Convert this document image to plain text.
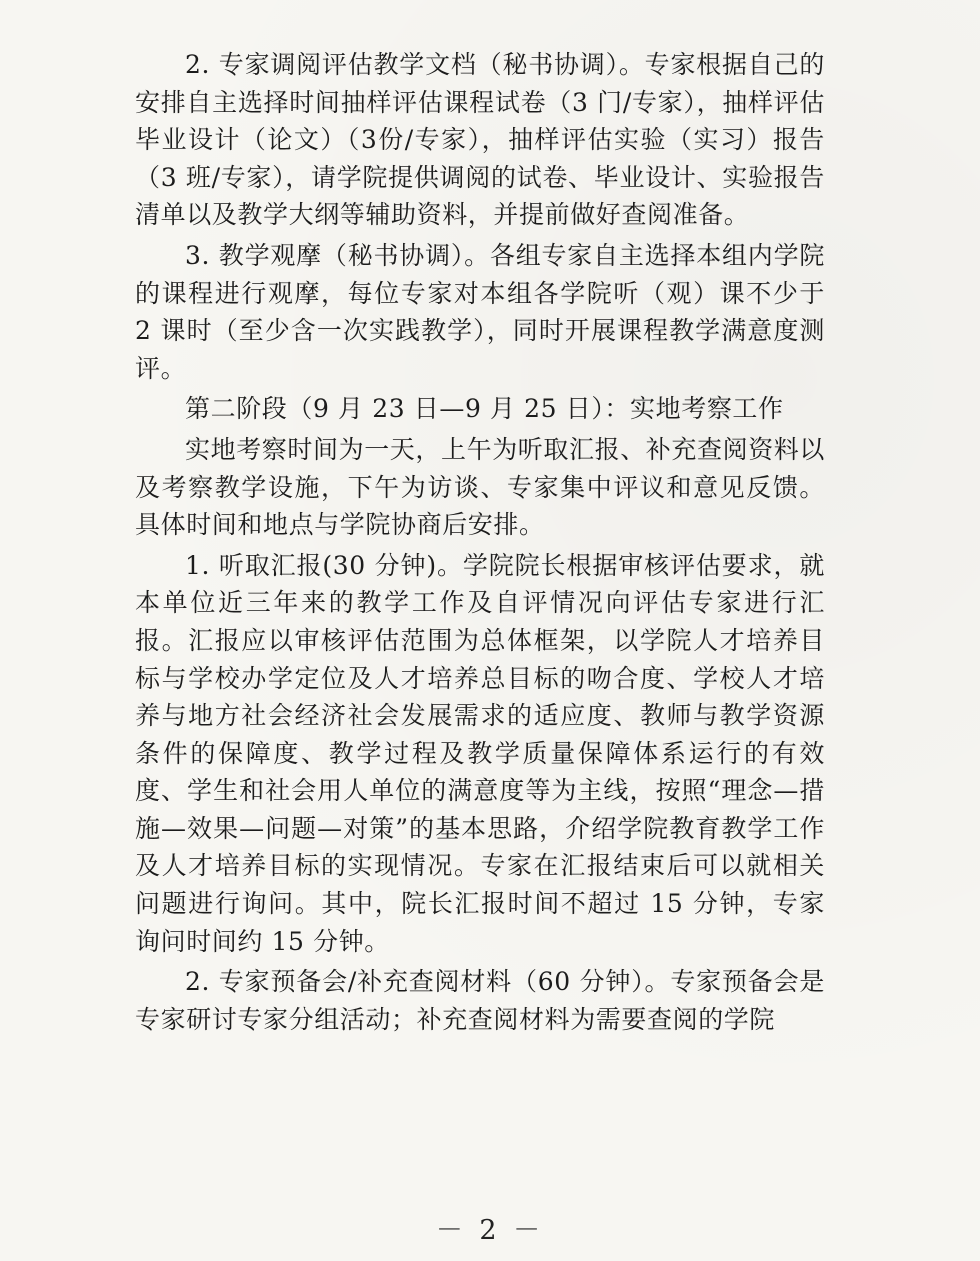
2. 专家调阅评估教学文档（秘书协调）。专家根据自己的安排自主选择时间抽样评估课程试卷（3 门/专家），抽样评估毕业设计（论文）（3份/专家），抽样评估实验（实习）报告（3 班/专家），请学院提供调阅的试卷、毕业设计、实验报告清单以及教学大纲等辅助资料，并提前做好查阅准备。

3. 教学观摩（秘书协调）。各组专家自主选择本组内学院的课程进行观摩，每位专家对本组各学院听（观）课不少于 2 课时（至少含一次实践教学），同时开展课程教学满意度测评。

第二阶段（9 月 23 日—9 月 25 日）：实地考察工作

实地考察时间为一天，上午为听取汇报、补充查阅资料以及考察教学设施，下午为访谈、专家集中评议和意见反馈。具体时间和地点与学院协商后安排。

1. 听取汇报(30 分钟)。学院院长根据审核评估要求，就本单位近三年来的教学工作及自评情况向评估专家进行汇报。汇报应以审核评估范围为总体框架，以学院人才培养目标与学校办学定位及人才培养总目标的吻合度、学校人才培养与地方社会经济社会发展需求的适应度、教师与教学资源条件的保障度、教学过程及教学质量保障体系运行的有效度、学生和社会用人单位的满意度等为主线，按照“理念—措施—效果—问题—对策”的基本思路，介绍学院教育教学工作及人才培养目标的实现情况。专家在汇报结束后可以就相关问题进行询问。其中，院长汇报时间不超过 15 分钟，专家询问时间约 15 分钟。

2. 专家预备会/补充查阅材料（60 分钟）。专家预备会是专家研讨专家分组活动；补充查阅材料为需要查阅的学院

－ 2 －
